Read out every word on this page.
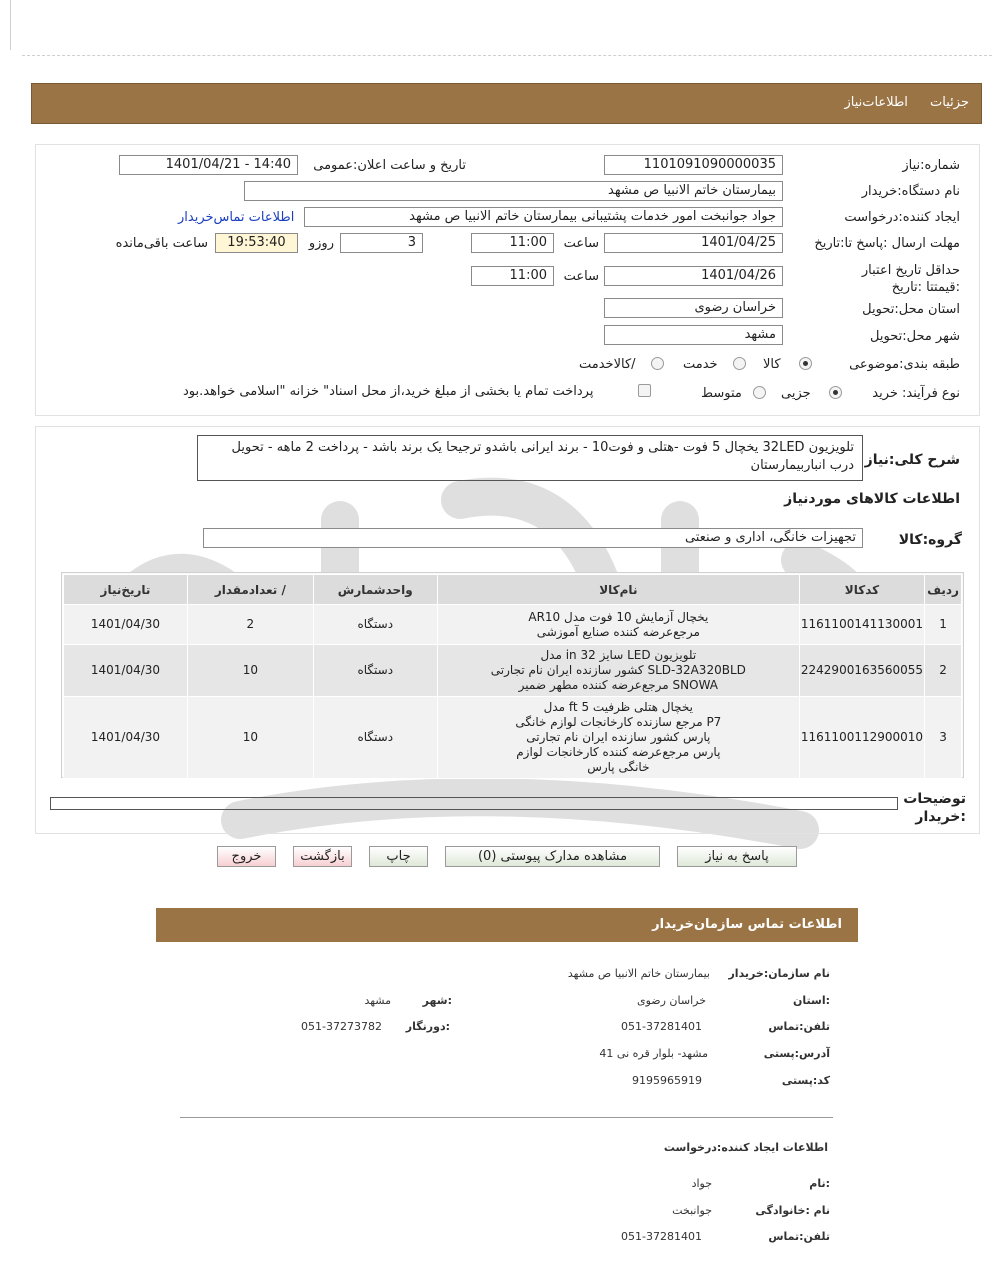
جزئیات اطلاعات‌نیاز
شماره:نیاز
1101091090000035
تاریخ و ساعت اعلان:عمومی
1401/04/21 - 14:40
نام دستگاه:خریدار
بیمارستان خاتم الانبیا ص مشهد
ایجاد کننده:درخواست
جواد جوانبخت امور خدمات پشتیبانی بیمارستان خاتم الانبیا ص مشهد
اطلاعات تماس‌خریدار
مهلت ارسال :پاسخ تا:تاریخ
1401/04/25
ساعت
11:00
3
روزو
19:53:40
ساعت باقی‌مانده
حداقل تاریخ اعتبار :قیمتتا :تاریخ
1401/04/26
ساعت
11:00
استان محل:تحویل
خراسان رضوی
شهر محل:تحویل
مشهد
طبقه بندی:موضوعی
کالا
خدمت
/کالاخدمت
نوع فرآیند: خرید
جزیی
متوسط
پرداخت تمام یا بخشی از مبلغ خرید،از محل اسناد" خزانه "اسلامی خواهد.بود
شرح کلی:نیاز
تلویزیون 32LED یخچال 5 فوت -هتلی و فوت10 - برند ایرانی باشدو ترجیحا یک برند باشد - پرداخت 2 ماهه - تحویل درب انباربیمارستان
اطلاعات کالاهای موردنیاز
گروه:کالا
تجهیزات خانگی، اداری و صنعتی
ردیف	کدکالا	نام‌کالا	واحدشمارش	/ تعدادمقدار	تاریخ‌نیاز
1	1161100141130001	یخچال آزمایش 10 فوت مدل AR10
مرجع‌عرضه کننده صنایع آموزشی	دستگاه	2	1401/04/30
2	2242900163560055	تلویزیون LED سایز 32 in مدل
SLD-32A320BLD کشور سازنده ایران نام تجارتی
SNOWA مرجع‌عرضه کننده مطهر ضمیر	دستگاه	10	1401/04/30
3	1161100112900010	یخچال هتلی ظرفیت 5 ft مدل
P7 مرجع سازنده کارخانجات لوازم خانگی
پارس کشور سازنده ایران نام تجارتی
پارس مرجع‌عرضه کننده کارخانجات لوازم
خانگی پارس	دستگاه	10	1401/04/30
توضیحات :خریدار
پاسخ به نیاز
مشاهده مدارک پیوستی (0)
چاپ
بازگشت
خروج
اطلاعات تماس سازمان‌خریدار
نام سازمان:خریدار
بیمارستان خاتم الانبیا ص مشهد
:استان
خراسان رضوی
:شهر
مشهد
تلفن:تماس
051-37281401
:دورنگار
051-37273782
آدرس:پستی
مشهد- بلوار قره نی 41
کد:پستی
9195965919
اطلاعات ایجاد کننده:درخواست
:نام
جواد
نام :خانوادگی
جوانبخت
تلفن:تماس
051-37281401
